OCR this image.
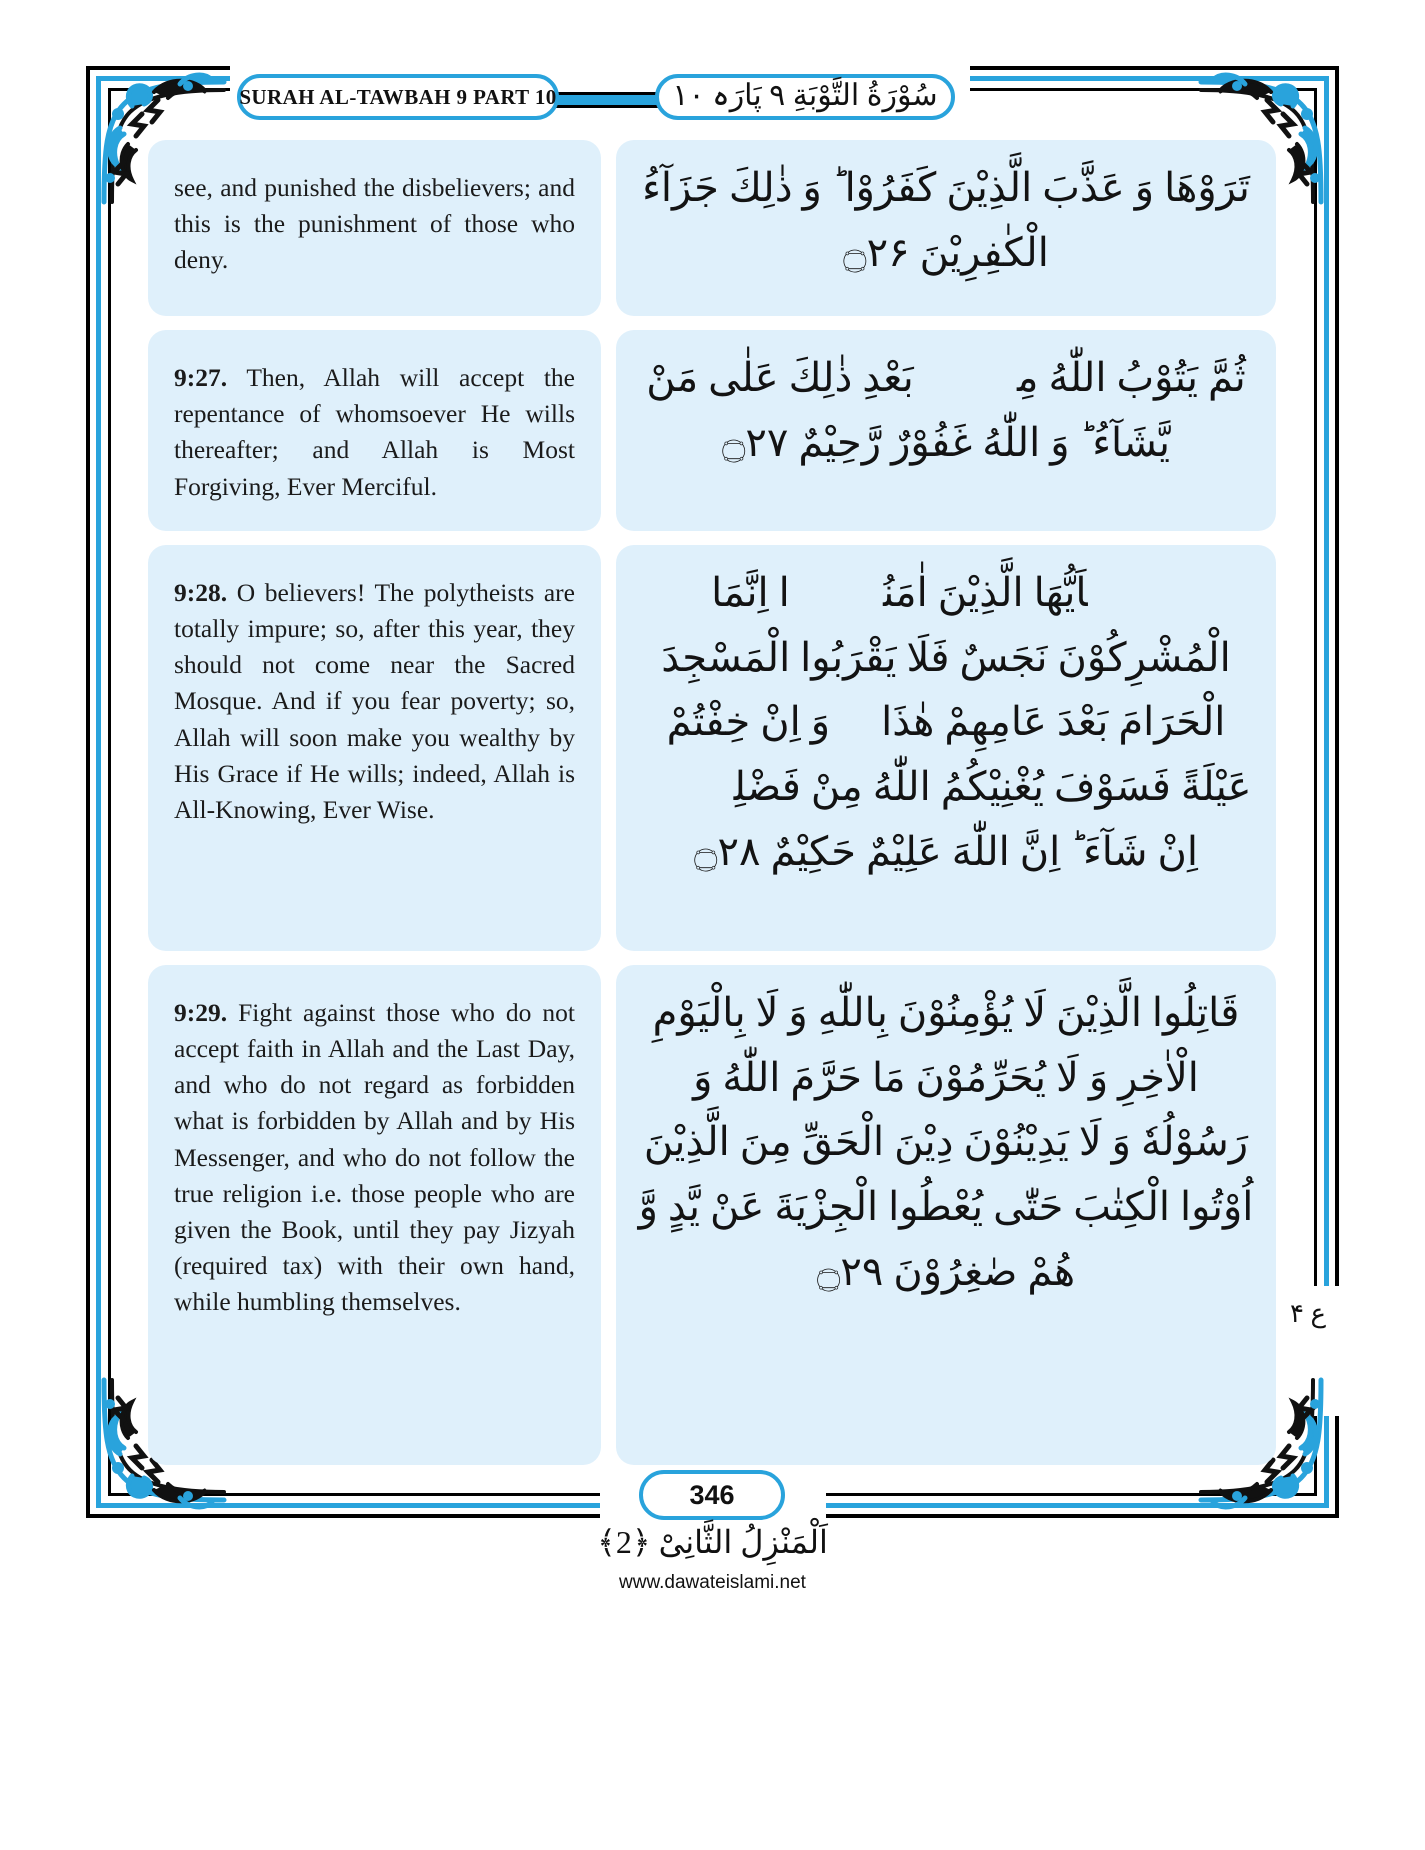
SURAH AL-TAWBAH 9 PART 10	سُوْرَةُ التَّوْبَةِ ٩ پَارَہ ١٠
see, and punished the disbelievers; and this is the punishment of those who deny.
تَرَوْهَا وَ عَذَّبَ الَّذِيْنَ كَفَرُوْا ؕ وَ ذٰلِكَ جَزَآءُ الْكٰفِرِيْنَ ۝۲۶
9:27. Then, Allah will accept the repentance of whomsoever He wills thereafter; and Allah is Most Forgiving, Ever Merciful.
ثُمَّ يَتُوْبُ اللّٰهُ مِنْۢ بَعْدِ ذٰلِكَ عَلٰى مَنْ يَّشَآءُ ؕ وَ اللّٰهُ غَفُوْرٌ رَّحِيْمٌ ۝۲۷
9:28. O believers! The polytheists are totally impure; so, after this year, they should not come near the Sacred Mosque. And if you fear poverty; so, Allah will soon make you wealthy by His Grace if He wills; indeed, Allah is All-Knowing, Ever Wise.
يٰۤاَيُّهَا الَّذِيْنَ اٰمَنُوْۤا اِنَّمَا الْمُشْرِكُوْنَ نَجَسٌ فَلَا يَقْرَبُوا الْمَسْجِدَ الْحَرَامَ بَعْدَ عَامِهِمْ هٰذَا ۚ وَ اِنْ خِفْتُمْ عَيْلَةً فَسَوْفَ يُغْنِيْكُمُ اللّٰهُ مِنْ فَضْلِهٖۤ اِنْ شَآءَ ؕ اِنَّ اللّٰهَ عَلِيْمٌ حَكِيْمٌ ۝۲۸
9:29. Fight against those who do not accept faith in Allah and the Last Day, and who do not regard as forbidden what is forbidden by Allah and by His Messenger, and who do not follow the true religion i.e. those people who are given the Book, until they pay Jizyah (required tax) with their own hand, while humbling themselves.
قَاتِلُوا الَّذِيْنَ لَا يُؤْمِنُوْنَ بِاللّٰهِ وَ لَا بِالْيَوْمِ الْاٰخِرِ وَ لَا يُحَرِّمُوْنَ مَا حَرَّمَ اللّٰهُ وَ رَسُوْلُهٗ وَ لَا يَدِيْنُوْنَ دِيْنَ الْحَقِّ مِنَ الَّذِيْنَ اُوْتُوا الْكِتٰبَ حَتّٰى يُعْطُوا الْجِزْيَةَ عَنْ يَّدٍ وَّ هُمْ صٰغِرُوْنَ ۝۲۹
ع ۴
346
اَلْمَنْزِلُ الثَّانِیْ ﴿2﴾
www.dawateislami.net
